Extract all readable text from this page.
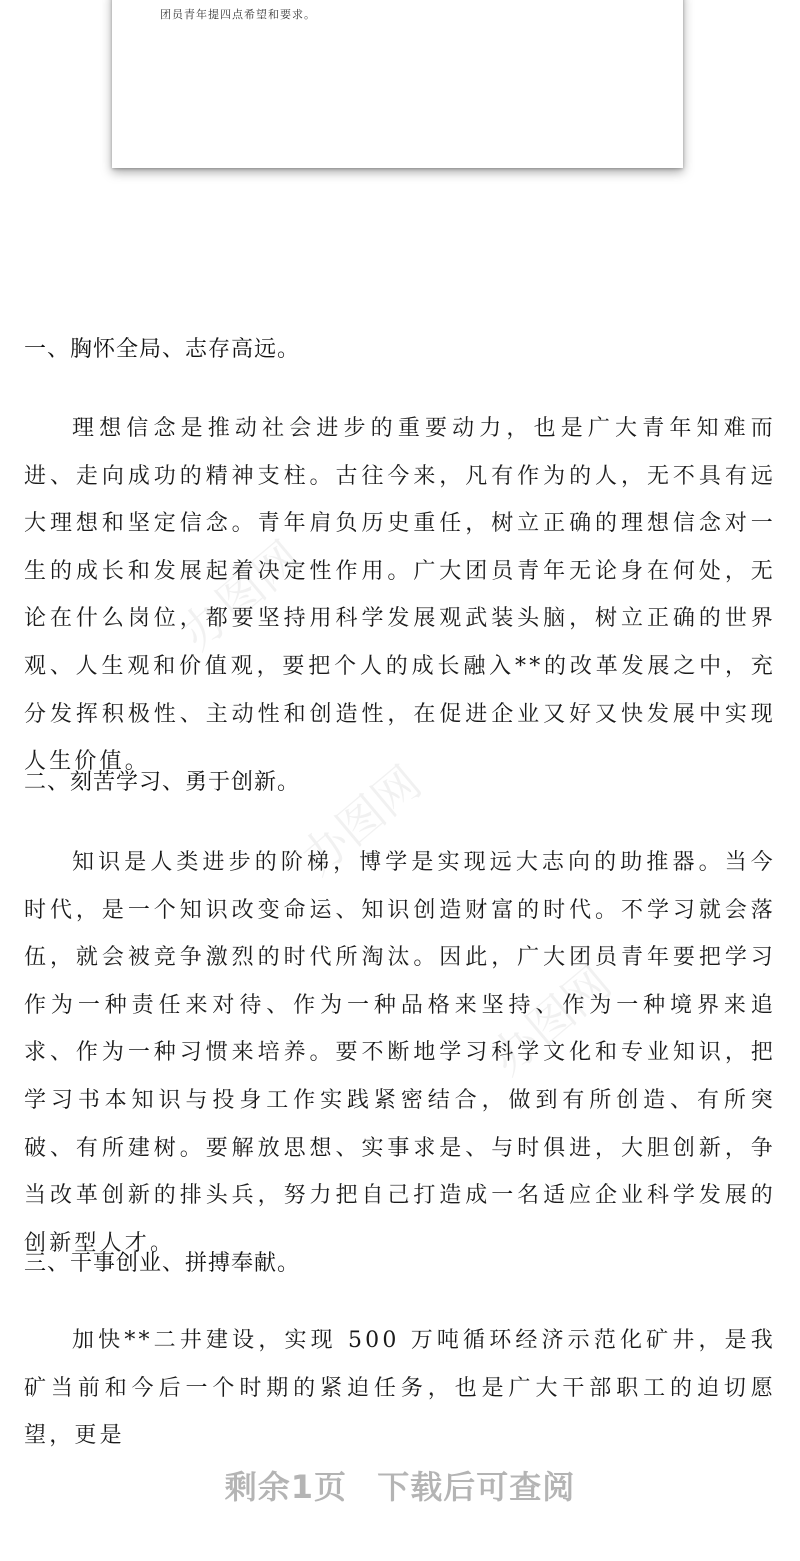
团员青年提四点希望和要求。
办图网
办图网
办图网
一、胸怀全局、志存高远。

理想信念是推动社会进步的重要动力，也是广大青年知难而进、走向成功的精神支柱。古往今来，凡有作为的人，无不具有远大理想和坚定信念。青年肩负历史重任，树立正确的理想信念对一生的成长和发展起着决定性作用。广大团员青年无论身在何处，无论在什么岗位，都要坚持用科学发展观武装头脑，树立正确的世界观、人生观和价值观，要把个人的成长融入**的改革发展之中，充分发挥积极性、主动性和创造性，在促进企业又好又快发展中实现人生价值。

二、刻苦学习、勇于创新。

知识是人类进步的阶梯，博学是实现远大志向的助推器。当今时代，是一个知识改变命运、知识创造财富的时代。不学习就会落伍，就会被竞争激烈的时代所淘汰。因此，广大团员青年要把学习作为一种责任来对待、作为一种品格来坚持、作为一种境界来追求、作为一种习惯来培养。要不断地学习科学文化和专业知识，把学习书本知识与投身工作实践紧密结合，做到有所创造、有所突破、有所建树。要解放思想、实事求是、与时俱进，大胆创新，争当改革创新的排头兵，努力把自己打造成一名适应企业科学发展的创新型人才。

三、干事创业、拼搏奉献。

加快**二井建设，实现 500 万吨循环经济示范化矿井，是我矿当前和今后一个时期的紧迫任务，也是广大干部职工的迫切愿望，更是

剩余1页 下载后可查阅
